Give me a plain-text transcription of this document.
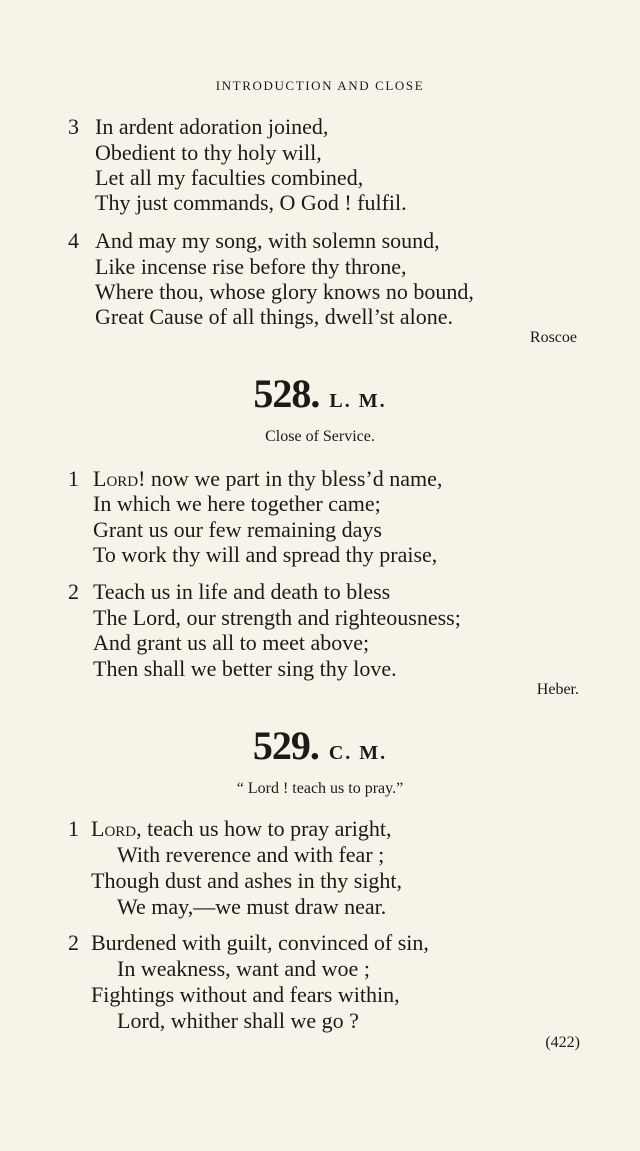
INTRODUCTION AND CLOSE
3 In ardent adoration joined,
Obedient to thy holy will,
Let all my faculties combined,
Thy just commands, O God ! fulfil.
4 And may my song, with solemn sound,
Like incense rise before thy throne,
Where thou, whose glory knows no bound,
Great Cause of all things, dwell’st alone.
Roscoe
528. L. M.
Close of Service.
1 Lord! now we part in thy bless’d name,
In which we here together came;
Grant us our few remaining days
To work thy will and spread thy praise,
2 Teach us in life and death to bless
The Lord, our strength and righteousness;
And grant us all to meet above;
Then shall we better sing thy love.
Heber.
529. C. M.
“ Lord ! teach us to pray.”
1 Lord, teach us how to pray aright,
With reverence and with fear ;
Though dust and ashes in thy sight,
We may,—we must draw near.
2 Burdened with guilt, convinced of sin,
In weakness, want and woe ;
Fightings without and fears within,
Lord, whither shall we go ?
(422)
